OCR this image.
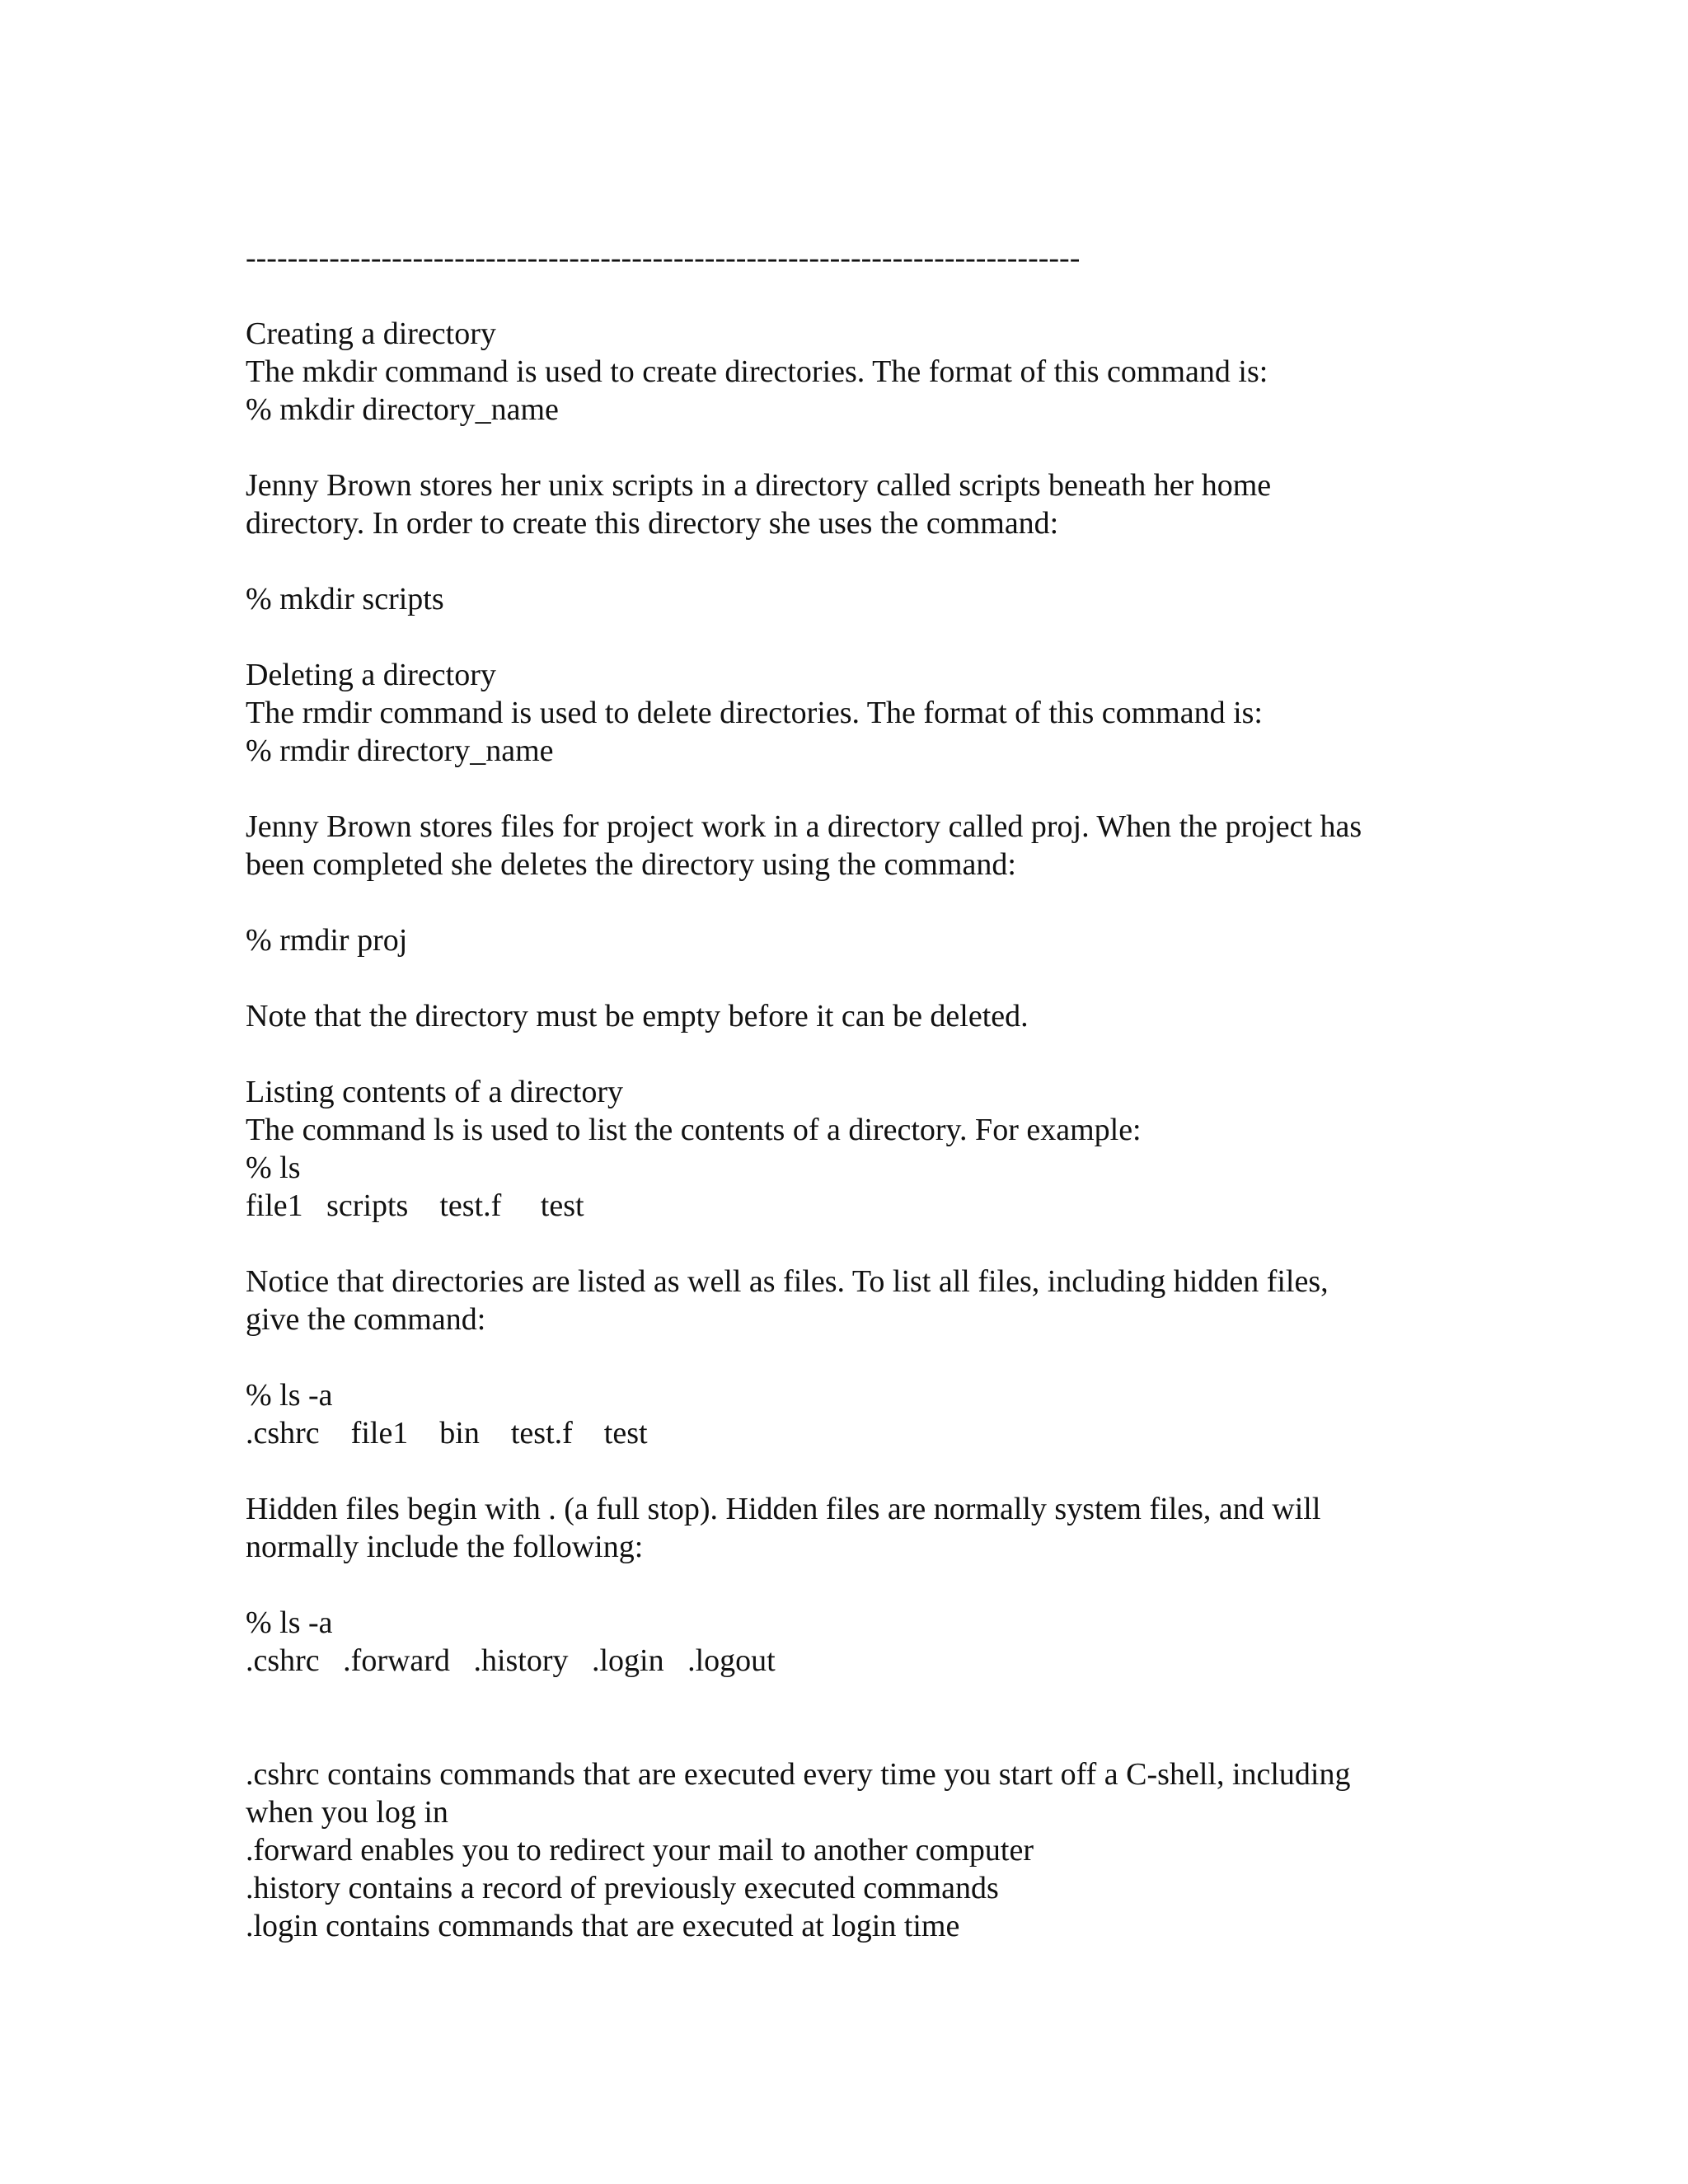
--------------------------------------------------------------------------------
Creating a directory
The mkdir command is used to create directories. The format of this command is:
% mkdir directory_name
Jenny Brown stores her unix scripts in a directory called scripts beneath her home
directory. In order to create this directory she uses the command:
% mkdir scripts
Deleting a directory
The rmdir command is used to delete directories. The format of this command is:
% rmdir directory_name
Jenny Brown stores files for project work in a directory called proj. When the project has
been completed she deletes the directory using the command:
% rmdir proj
Note that the directory must be empty before it can be deleted.
Listing contents of a directory
The command ls is used to list the contents of a directory. For example:
% ls
file1   scripts    test.f     test
Notice that directories are listed as well as files. To list all files, including hidden files,
give the command:
% ls -a
.cshrc    file1    bin    test.f    test
Hidden files begin with . (a full stop). Hidden files are normally system files, and will
normally include the following:
% ls -a
.cshrc   .forward   .history   .login   .logout
.cshrc contains commands that are executed every time you start off a C-shell, including
when you log in
.forward enables you to redirect your mail to another computer
.history contains a record of previously executed commands
.login contains commands that are executed at login time
